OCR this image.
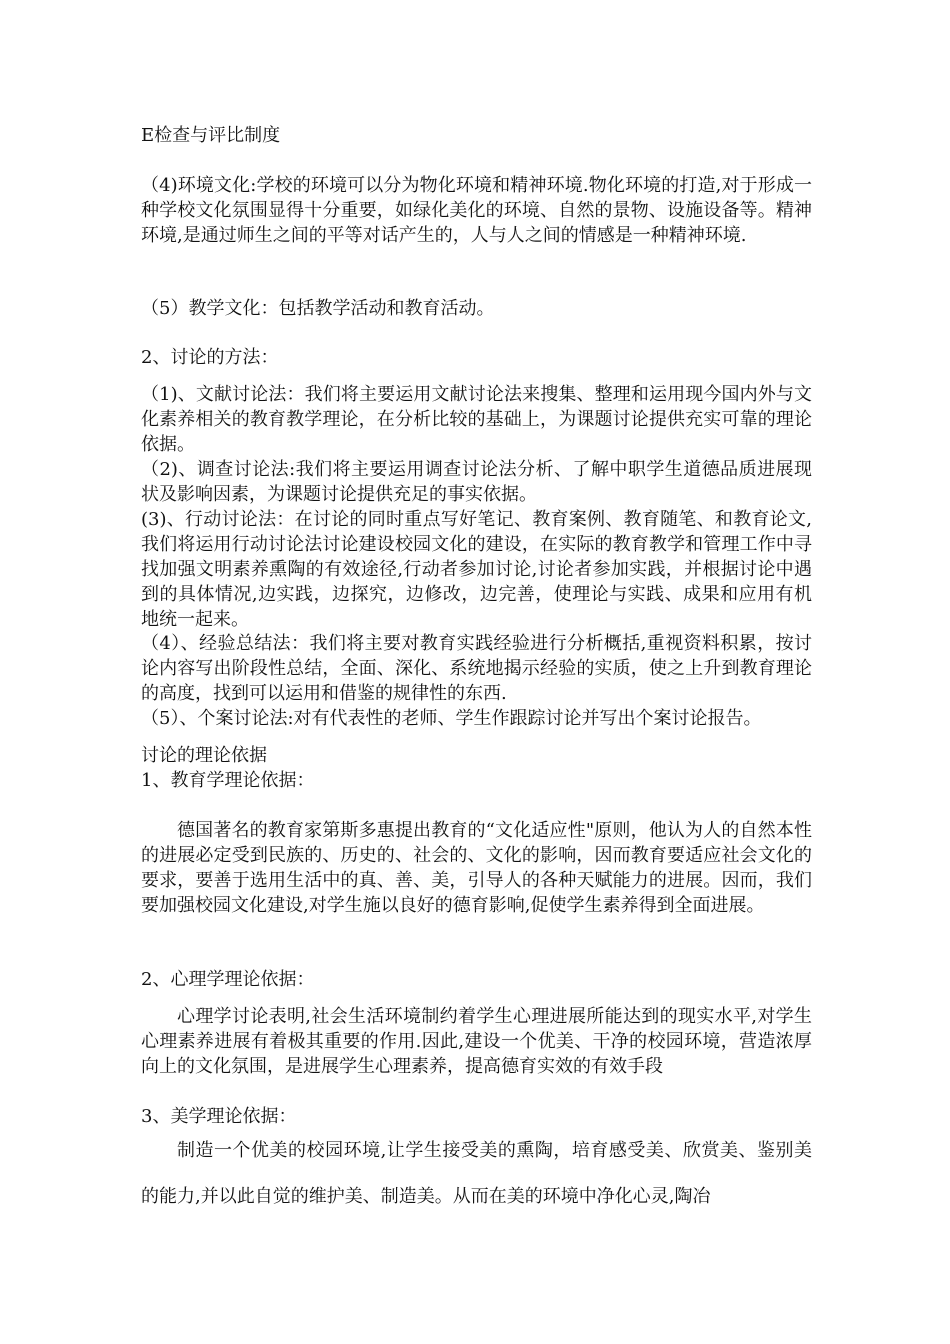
E检查与评比制度

（4)环境文化:学校的环境可以分为物化环境和精神环境.物化环境的打造,对于形成一种学校文化氛围显得十分重要，如绿化美化的环境、自然的景物、设施设备等。精神环境,是通过师生之间的平等对话产生的，人与人之间的情感是一种精神环境.

（5）教学文化：包括教学活动和教育活动。

2、讨论的方法：

（1)、文献讨论法：我们将主要运用文献讨论法来搜集、整理和运用现今国内外与文化素养相关的教育教学理论，在分析比较的基础上，为课题讨论提供充实可靠的理论依据。

（2)、调查讨论法:我们将主要运用调查讨论法分析、了解中职学生道德品质进展现状及影响因素，为课题讨论提供充足的事实依据。

(3)、行动讨论法：在讨论的同时重点写好笔记、教育案例、教育随笔、和教育论文,我们将运用行动讨论法讨论建设校园文化的建设，在实际的教育教学和管理工作中寻找加强文明素养熏陶的有效途径,行动者参加讨论,讨论者参加实践，并根据讨论中遇到的具体情况,边实践，边探究，边修改，边完善，使理论与实践、成果和应用有机地统一起来。

（4）、经验总结法：我们将主要对教育实践经验进行分析概括,重视资料积累，按讨论内容写出阶段性总结，全面、深化、系统地揭示经验的实质，使之上升到教育理论的高度，找到可以运用和借鉴的规律性的东西.

（5）、个案讨论法:对有代表性的老师、学生作跟踪讨论并写出个案讨论报告。

讨论的理论依据

1、教育学理论依据：

德国著名的教育家第斯多惠提出教育的“文化适应性"原则，他认为人的自然本性的进展必定受到民族的、历史的、社会的、文化的影响，因而教育要适应社会文化的要求，要善于选用生活中的真、善、美，引导人的各种天赋能力的进展。因而，我们要加强校园文化建设,对学生施以良好的德育影响,促使学生素养得到全面进展。

2、心理学理论依据：

心理学讨论表明,社会生活环境制约着学生心理进展所能达到的现实水平,对学生心理素养进展有着极其重要的作用.因此,建设一个优美、干净的校园环境，营造浓厚向上的文化氛围，是进展学生心理素养，提高德育实效的有效手段

3、美学理论依据：

制造一个优美的校园环境,让学生接受美的熏陶，培育感受美、欣赏美、鉴别美的能力,并以此自觉的维护美、制造美。从而在美的环境中净化心灵,陶冶
